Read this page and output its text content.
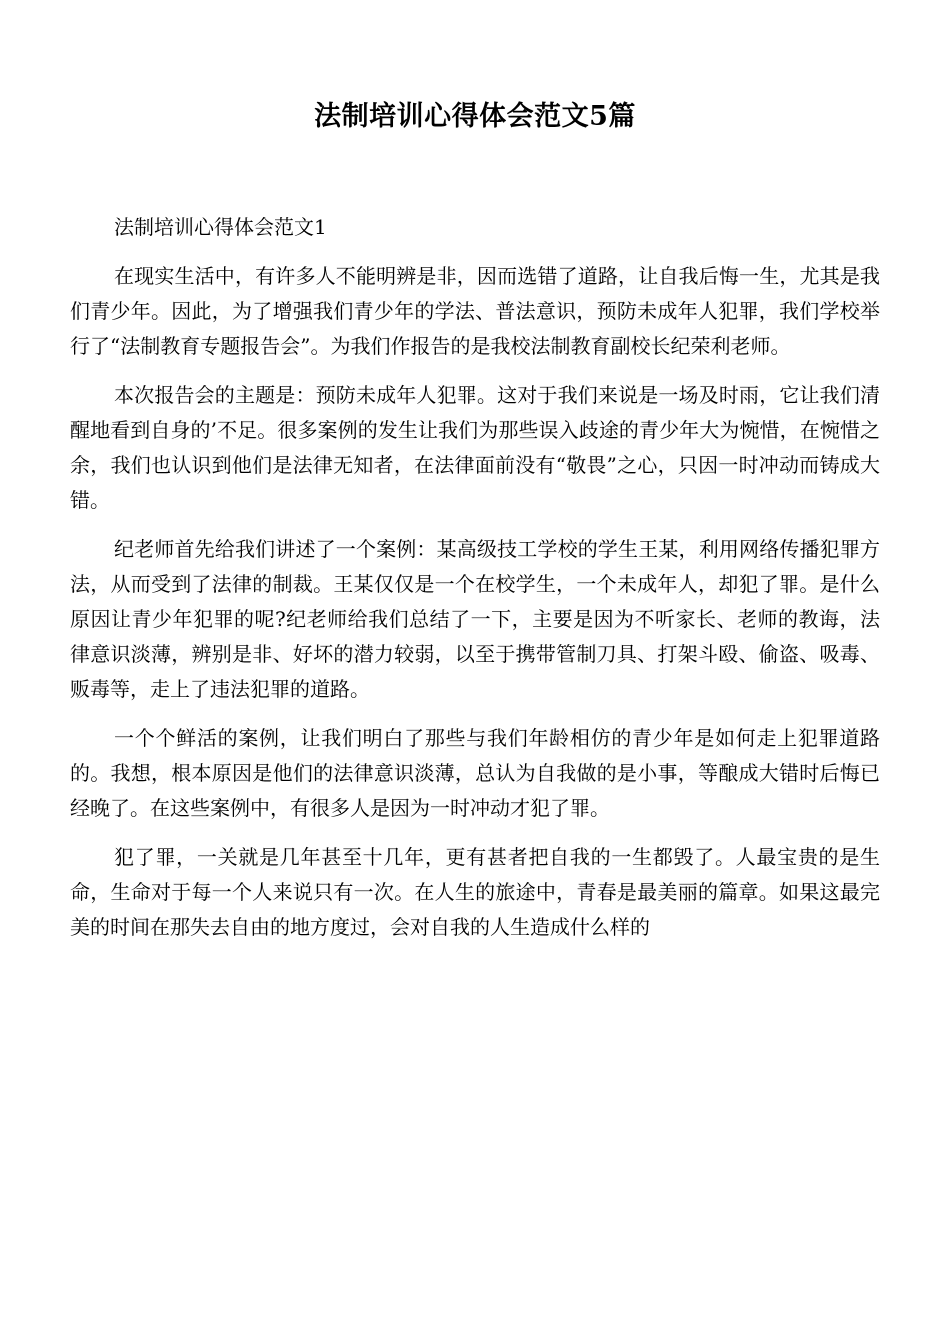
法制培训心得体会范文5篇

法制培训心得体会范文1

在现实生活中，有许多人不能明辨是非，因而选错了道路，让自我后悔一生，尤其是我们青少年。因此，为了增强我们青少年的学法、普法意识，预防未成年人犯罪，我们学校举行了“法制教育专题报告会”。为我们作报告的是我校法制教育副校长纪荣利老师。

本次报告会的主题是：预防未成年人犯罪。这对于我们来说是一场及时雨，它让我们清醒地看到自身的’不足。很多案例的发生让我们为那些误入歧途的青少年大为惋惜，在惋惜之余，我们也认识到他们是法律无知者，在法律面前没有“敬畏”之心，只因一时冲动而铸成大错。

纪老师首先给我们讲述了一个案例：某高级技工学校的学生王某，利用网络传播犯罪方法，从而受到了法律的制裁。王某仅仅是一个在校学生，一个未成年人，却犯了罪。是什么原因让青少年犯罪的呢?纪老师给我们总结了一下，主要是因为不听家长、老师的教诲，法律意识淡薄，辨别是非、好坏的潜力较弱，以至于携带管制刀具、打架斗殴、偷盗、吸毒、贩毒等，走上了违法犯罪的道路。

一个个鲜活的案例，让我们明白了那些与我们年龄相仿的青少年是如何走上犯罪道路的。我想，根本原因是他们的法律意识淡薄，总认为自我做的是小事，等酿成大错时后悔已经晚了。在这些案例中，有很多人是因为一时冲动才犯了罪。

犯了罪，一关就是几年甚至十几年，更有甚者把自我的一生都毁了。人最宝贵的是生命，生命对于每一个人来说只有一次。在人生的旅途中，青春是最美丽的篇章。如果这最完美的时间在那失去自由的地方度过，会对自我的人生造成什么样的
